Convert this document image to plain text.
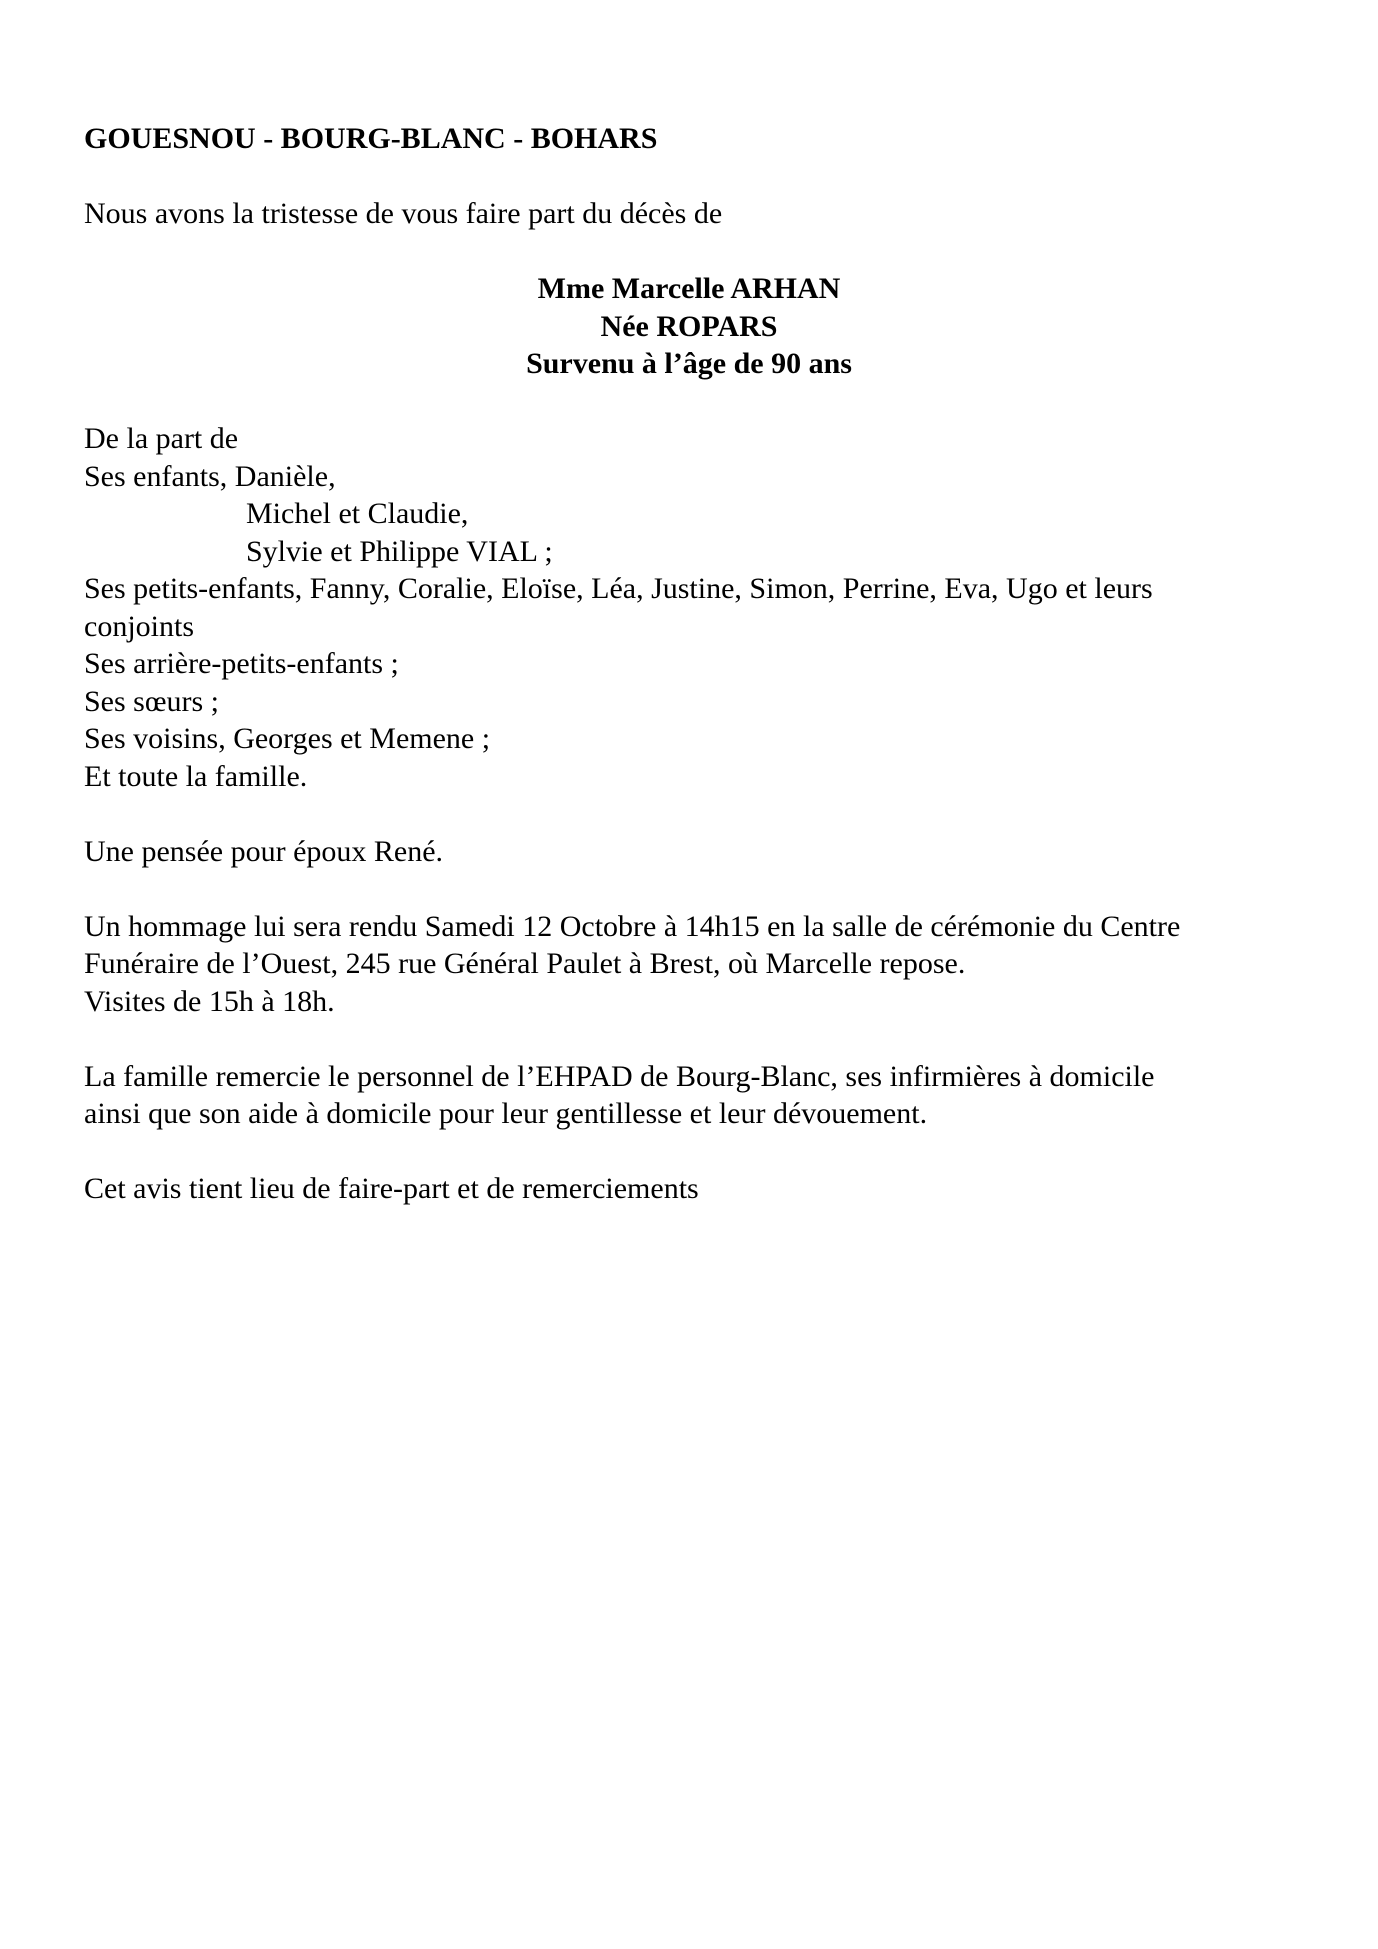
GOUESNOU - BOURG-BLANC - BOHARS

Nous avons la tristesse de vous faire part du décès de

Mme Marcelle ARHAN

Née ROPARS

Survenu à l’âge de 90 ans

De la part de

Ses enfants, Danièle,

Michel et Claudie,

Sylvie et Philippe VIAL ;

Ses petits-enfants, Fanny, Coralie, Eloïse, Léa, Justine, Simon, Perrine, Eva, Ugo et leurs

conjoints

Ses arrière-petits-enfants ;

Ses sœurs ;

Ses voisins, Georges et Memene ;

Et toute la famille.

Une pensée pour époux René.

Un hommage lui sera rendu Samedi 12 Octobre à 14h15 en la salle de cérémonie du Centre

Funéraire de l’Ouest, 245 rue Général Paulet à Brest, où Marcelle repose.

Visites de 15h à 18h.

La famille remercie le personnel de l’EHPAD de Bourg-Blanc, ses infirmières à domicile

ainsi que son aide à domicile pour leur gentillesse et leur dévouement.

Cet avis tient lieu de faire-part et de remerciements
